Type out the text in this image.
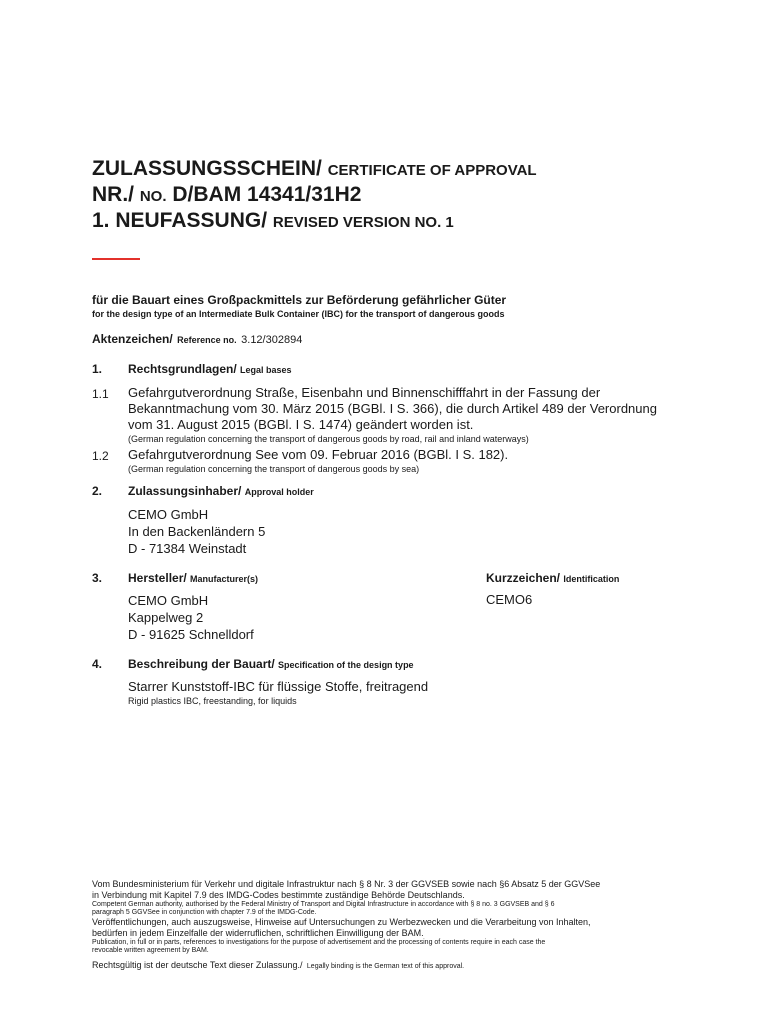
ZULASSUNGSSCHEIN/ CERTIFICATE OF APPROVAL
NR./ NO. D/BAM 14341/31H2
1. NEUFASSUNG/ REVISED VERSION NO. 1
für die Bauart eines Großpackmittels zur Beförderung gefährlicher Güter
for the design type of an Intermediate Bulk Container (IBC) for the transport of dangerous goods
Aktenzeichen/ Reference no. 3.12/302894
1. Rechtsgrundlagen/ Legal bases
1.1 Gefahrgutverordnung Straße, Eisenbahn und Binnenschifffahrt in der Fassung der
Bekanntmachung vom 30. März 2015 (BGBl. I S. 366), die durch Artikel 489 der Verordnung
vom 31. August 2015 (BGBl. I S. 1474) geändert worden ist.
(German regulation concerning the transport of dangerous goods by road, rail and inland waterways)
1.2 Gefahrgutverordnung See vom 09. Februar 2016 (BGBl. I S. 182).
(German regulation concerning the transport of dangerous goods by sea)
2. Zulassungsinhaber/ Approval holder
CEMO GmbH
In den Backenländern 5
D - 71384 Weinstadt
3. Hersteller/ Manufacturer(s)	Kurzzeichen/ Identification
CEMO GmbH
Kappelweg 2
D - 91625 Schnelldorf
CEMO6
4. Beschreibung der Bauart/ Specification of the design type
Starrer Kunststoff-IBC für flüssige Stoffe, freitragend
Rigid plastics IBC, freestanding, for liquids
Vom Bundesministerium für Verkehr und digitale Infrastruktur nach § 8 Nr. 3 der GGVSEB sowie nach §6 Absatz 5 der GGVSee
in Verbindung mit Kapitel 7.9 des IMDG-Codes bestimmte zuständige Behörde Deutschlands.
Competent German authority, authorised by the Federal Ministry of Transport and Digital Infrastructure in accordance with § 8 no. 3 GGVSEB and § 6
paragraph 5 GGVSee in conjunction with chapter 7.9 of the IMDG-Code.
Veröffentlichungen, auch auszugsweise, Hinweise auf Untersuchungen zu Werbezwecken und die Verarbeitung von Inhalten,
bedürfen in jedem Einzelfalle der widerruflichen, schriftlichen Einwilligung der BAM.
Publication, in full or in parts, references to investigations for the purpose of advertisement and the processing of contents require in each case the
revocable written agreement by BAM.
Rechtsgültig ist der deutsche Text dieser Zulassung./ Legally binding is the German text of this approval.
